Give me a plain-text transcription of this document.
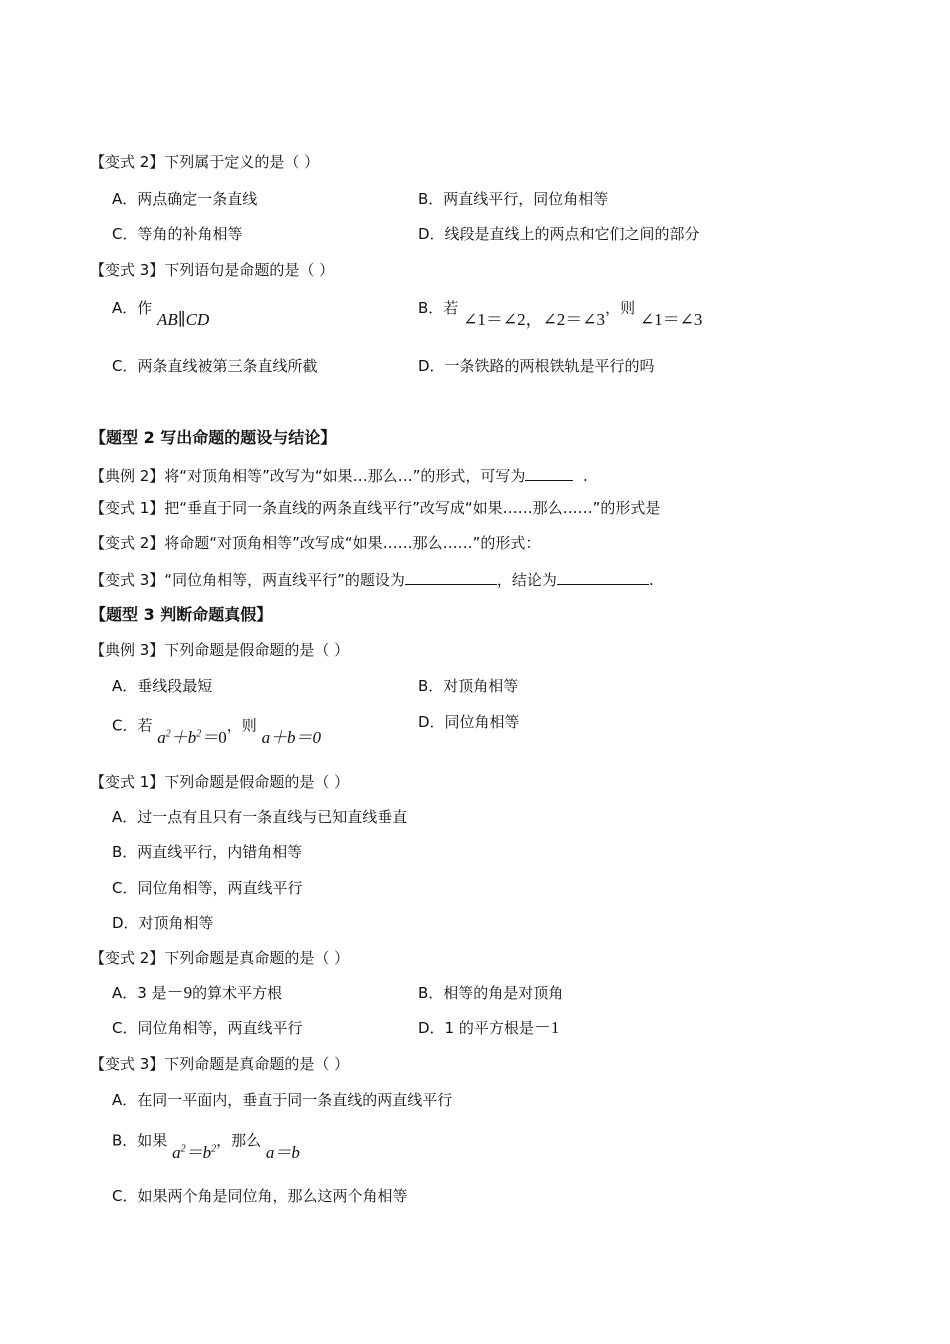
【变式 2】下列属于定义的是（ ）
A．两点确定一条直线	B．两直线平行，同位角相等
C．等角的补角相等	D．线段是直线上的两点和它们之间的部分
【变式 3】下列语句是命题的是（ ）
A．作 AB∥CD
B．若 ∠1＝∠2，∠2＝∠3，则 ∠1＝∠3
C．两条直线被第三条直线所截	D．一条铁路的两根铁轨是平行的吗
【题型 2 写出命题的题设与结论】
【典例 2】将“对顶角相等”改写为“如果…那么…”的形式，可写为	.
【变式 1】把“垂直于同一条直线的两条直线平行”改写成“如果……那么……”的形式是
【变式 2】将命题“对顶角相等”改写成“如果……那么……”的形式：
【变式 3】“同位角相等，两直线平行”的题设为	，结论为	.
【题型 3 判断命题真假】
【典例 3】下列命题是假命题的是（ ）
A．垂线段最短	B．对顶角相等
C．若 $a^2+b^2=0$，则 a＋b＝0
D．同位角相等
【变式 1】下列命题是假命题的是（ ）
A．过一点有且只有一条直线与已知直线垂直
B．两直线平行，内错角相等
C．同位角相等，两直线平行
D．对顶角相等
【变式 2】下列命题是真命题的是（ ）
A．3 是－9的算术平方根	B．相等的角是对顶角
C．同位角相等，两直线平行	D．1 的平方根是－1
【变式 3】下列命题是真命题的是（ ）
A．在同一平面内，垂直于同一条直线的两直线平行
B．如果 $a^2=b^2$，那么 a＝b
C．如果两个角是同位角，那么这两个角相等
